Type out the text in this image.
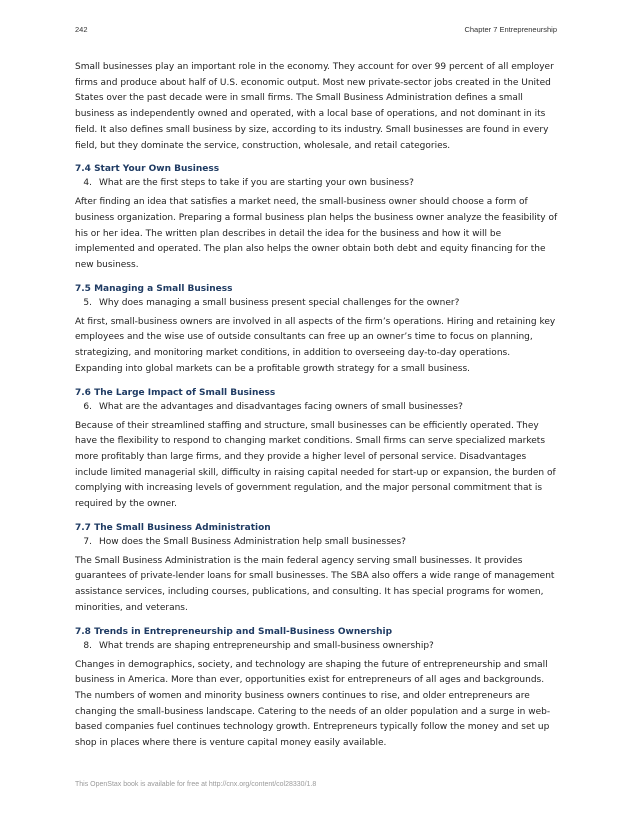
242	Chapter 7 Entrepreneurship

Small businesses play an important role in the economy. They account for over 99 percent of all employer firms and produce about half of U.S. economic output. Most new private-sector jobs created in the United States over the past decade were in small firms. The Small Business Administration defines a small business as independently owned and operated, with a local base of operations, and not dominant in its field. It also defines small business by size, according to its industry. Small businesses are found in every field, but they dominate the service, construction, wholesale, and retail categories.

7.4 Start Your Own Business
4. What are the first steps to take if you are starting your own business?

After finding an idea that satisfies a market need, the small-business owner should choose a form of business organization. Preparing a formal business plan helps the business owner analyze the feasibility of his or her idea. The written plan describes in detail the idea for the business and how it will be implemented and operated. The plan also helps the owner obtain both debt and equity financing for the new business.

7.5 Managing a Small Business
5. Why does managing a small business present special challenges for the owner?

At first, small-business owners are involved in all aspects of the firm’s operations. Hiring and retaining key employees and the wise use of outside consultants can free up an owner’s time to focus on planning, strategizing, and monitoring market conditions, in addition to overseeing day-to-day operations. Expanding into global markets can be a profitable growth strategy for a small business.

7.6 The Large Impact of Small Business
6. What are the advantages and disadvantages facing owners of small businesses?

Because of their streamlined staffing and structure, small businesses can be efficiently operated. They have the flexibility to respond to changing market conditions. Small firms can serve specialized markets more profitably than large firms, and they provide a higher level of personal service. Disadvantages include limited managerial skill, difficulty in raising capital needed for start-up or expansion, the burden of complying with increasing levels of government regulation, and the major personal commitment that is required by the owner.

7.7 The Small Business Administration
7. How does the Small Business Administration help small businesses?

The Small Business Administration is the main federal agency serving small businesses. It provides guarantees of private-lender loans for small businesses. The SBA also offers a wide range of management assistance services, including courses, publications, and consulting. It has special programs for women, minorities, and veterans.

7.8 Trends in Entrepreneurship and Small-Business Ownership
8. What trends are shaping entrepreneurship and small-business ownership?

Changes in demographics, society, and technology are shaping the future of entrepreneurship and small business in America. More than ever, opportunities exist for entrepreneurs of all ages and backgrounds. The numbers of women and minority business owners continues to rise, and older entrepreneurs are changing the small-business landscape. Catering to the needs of an older population and a surge in web-based companies fuel continues technology growth. Entrepreneurs typically follow the money and set up shop in places where there is venture capital money easily available.

This OpenStax book is available for free at http://cnx.org/content/col28330/1.8
